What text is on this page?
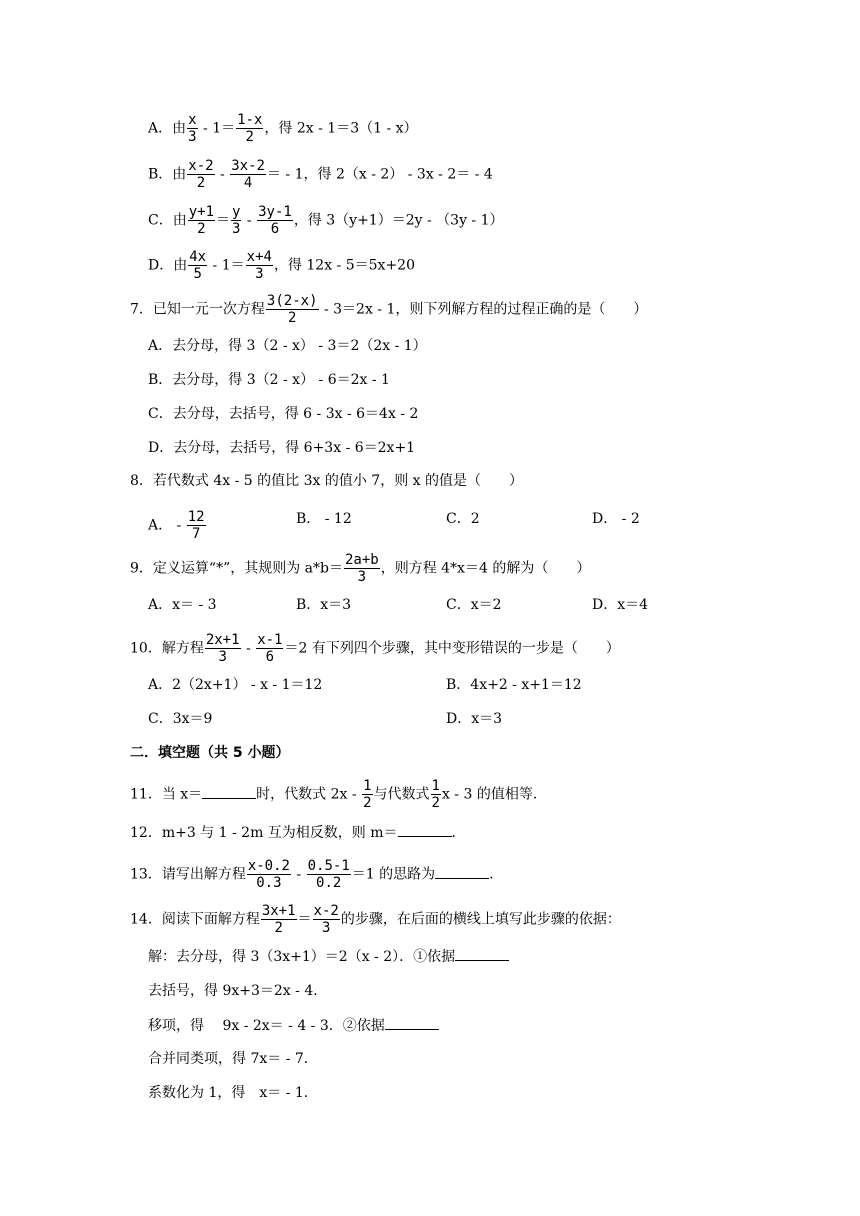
A．由 $\frac{x}{3} - 1= \frac{1-x}{2}$ ，得 2x - 1＝3（1 - x）
B．由 $\frac{x-2}{2} - \frac{3x-2}{4}$ ＝ - 1，得 2（x - 2） - 3x - 2＝ - 4
C．由 $\frac{y+1}{2} = \frac{y}{3} - \frac{3y-1}{6}$ ，得 3（y+1）＝2y - （3y - 1）
D．由 $\frac{4x}{5} - 1= \frac{x+4}{3}$ ，得 12x - 5＝5x+20
7．已知一元一次方程 $\frac{3(2-x)}{2} - 3=2x - 1$，则下列解方程的过程正确的是（　　）
A．去分母，得 3（2 - x） - 3＝2（2x - 1）
B．去分母，得 3（2 - x） - 6＝2x - 1
C．去分母，去括号，得 6 - 3x - 6＝4x - 2
D．去分母，去括号，得 6+3x - 6＝2x+1
8．若代数式 4x - 5 的值比 3x 的值小 7，则 x 的值是（　　）
A． - $\frac{12}{7}$	B． - 12	C．2	D． - 2
9．定义运算“*”，其规则为 $a*b= \frac{2a+b}{3}$ ，则方程 4*x＝4 的解为（　　）
A．x＝ - 3	B．x＝3	C．x＝2	D．x＝4
10．解方程 $\frac{2x+1}{3} - \frac{x-1}{6} =2$ 有下列四个步骤，其中变形错误的一步是（　　）
A．2（2x+1） - x - 1＝12	B．4x+2 - x+1＝12
C．3x＝9	D．x＝3
二．填空题（共 5 小题）
11．当 x＝	时，代数式 $2x - \frac{1}{2}$ 与代数式 $\frac{1}{2}$ x - 3 的值相等．
12．m+3 与 1 - 2m 互为相反数，则 m＝	．
13．请写出解方程 $\frac{x-0.2}{0.3} - \frac{0.5-1}{0.2} =1$ 的思路为	．
14．阅读下面解方程 $\frac{3x+1}{2} = \frac{x-2}{3}$ 的步骤，在后面的横线上填写此步骤的依据：
解：去分母，得 3（3x+1）＝2（x - 2）．①依据
去括号，得 9x+3＝2x - 4．
移项，得　 9x - 2x＝ - 4 - 3．②依据
合并同类项，得 7x＝ - 7．
系数化为 1，得　x＝ - 1．
